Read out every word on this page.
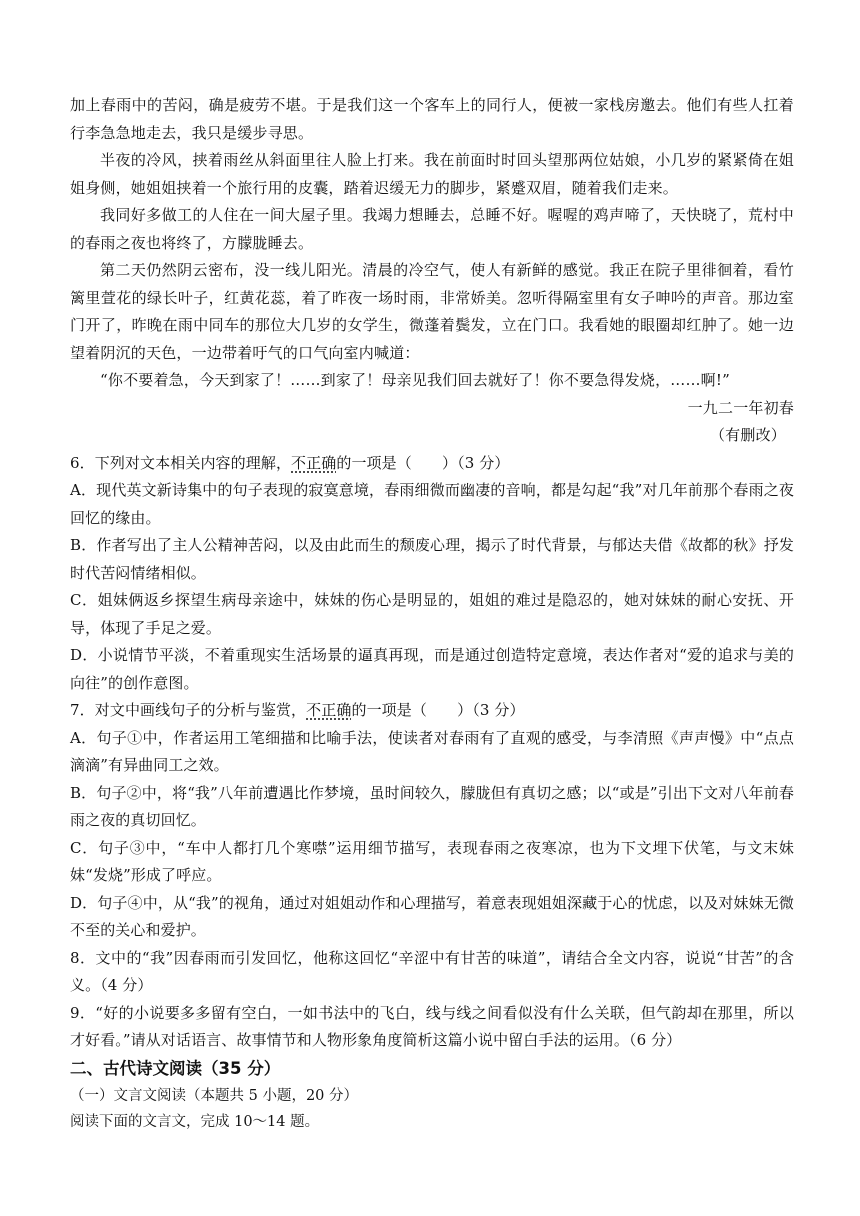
加上春雨中的苦闷，确是疲劳不堪。于是我们这一个客车上的同行人，便被一家栈房邀去。他们有些人扛着行李急急地走去，我只是缓步寻思。

半夜的冷风，挟着雨丝从斜面里往人脸上打来。我在前面时时回头望那两位姑娘，小几岁的紧紧倚在姐姐身侧，她姐姐挟着一个旅行用的皮囊，踏着迟缓无力的脚步，紧蹙双眉，随着我们走来。

我同好多做工的人住在一间大屋子里。我竭力想睡去，总睡不好。喔喔的鸡声啼了，天快晓了，荒村中的春雨之夜也将终了，方朦胧睡去。

第二天仍然阴云密布，没一线儿阳光。清晨的冷空气，使人有新鲜的感觉。我正在院子里徘徊着，看竹篱里萱花的绿长叶子，红黄花蕊，着了昨夜一场时雨，非常娇美。忽听得隔室里有女子呻吟的声音。那边室门开了，昨晚在雨中同车的那位大几岁的女学生，微蓬着鬓发，立在门口。我看她的眼圈却红肿了。她一边望着阴沉的天色，一边带着吁气的口气向室内喊道：

“你不要着急，今天到家了！……到家了！母亲见我们回去就好了！你不要急得发烧，……啊!”

一九二一年初春

（有删改）

6．下列对文本相关内容的理解，不正确的一项是（　　）（3 分）

A．现代英文新诗集中的句子表现的寂寞意境，春雨细微而幽凄的音响，都是勾起“我”对几年前那个春雨之夜回忆的缘由。

B．作者写出了主人公精神苦闷，以及由此而生的颓废心理，揭示了时代背景，与郁达夫借《故都的秋》抒发时代苦闷情绪相似。

C．姐妹俩返乡探望生病母亲途中，妹妹的伤心是明显的，姐姐的难过是隐忍的，她对妹妹的耐心安抚、开导，体现了手足之爱。

D．小说情节平淡，不着重现实生活场景的逼真再现，而是通过创造特定意境，表达作者对“爱的追求与美的向往”的创作意图。

7．对文中画线句子的分析与鉴赏，不正确的一项是（　　）（3 分）

A．句子①中，作者运用工笔细描和比喻手法，使读者对春雨有了直观的感受，与李清照《声声慢》中“点点滴滴”有异曲同工之效。

B．句子②中，将“我”八年前遭遇比作梦境，虽时间较久，朦胧但有真切之感；以“或是”引出下文对八年前春雨之夜的真切回忆。

C．句子③中，“车中人都打几个寒噤”运用细节描写，表现春雨之夜寒凉，也为下文埋下伏笔，与文末妹妹“发烧”形成了呼应。

D．句子④中，从“我”的视角，通过对姐姐动作和心理描写，着意表现姐姐深藏于心的忧虑，以及对妹妹无微不至的关心和爱护。

8．文中的“我”因春雨而引发回忆，他称这回忆“辛涩中有甘苦的味道”，请结合全文内容，说说“甘苦”的含义。（4 分）

9．“好的小说要多多留有空白，一如书法中的飞白，线与线之间看似没有什么关联，但气韵却在那里，所以才好看。”请从对话语言、故事情节和人物形象角度简析这篇小说中留白手法的运用。（6 分）

二、古代诗文阅读（35 分）

（一）文言文阅读（本题共 5 小题，20 分）

阅读下面的文言文，完成 10～14 题。
